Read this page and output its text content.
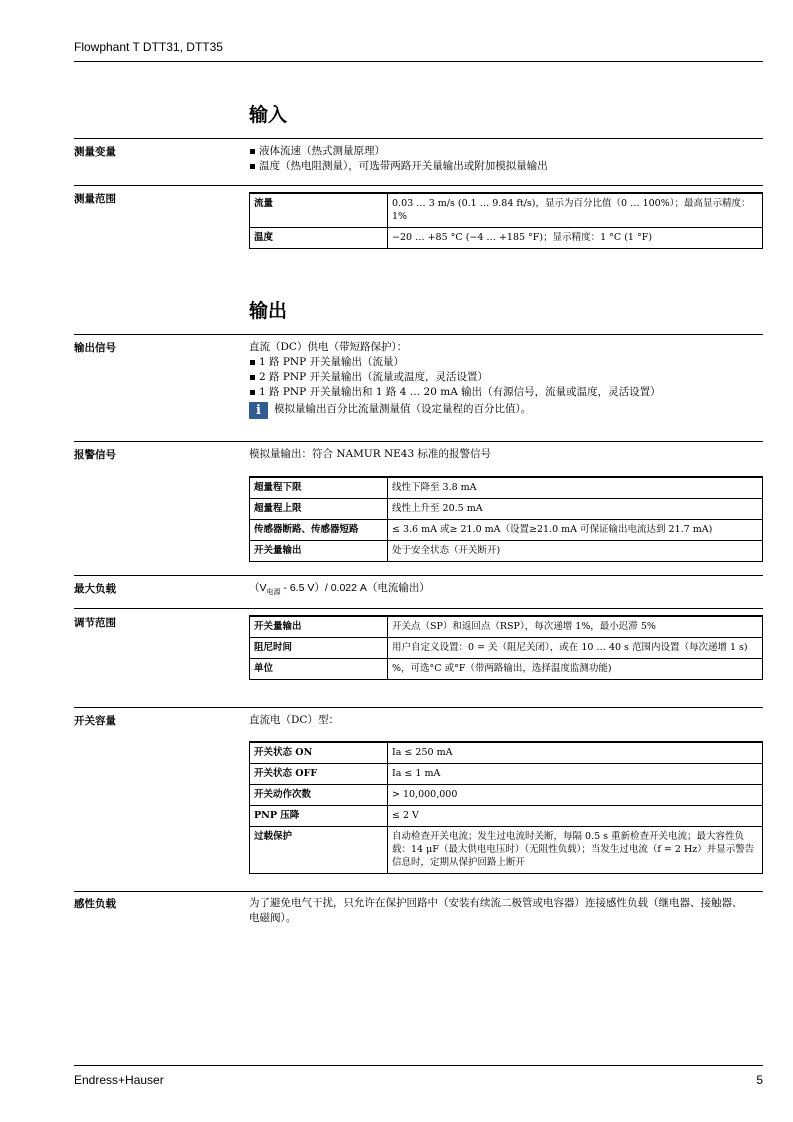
Flowphant T DTT31, DTT35
输入
测量变量	液体流速（热式测量原理）
温度（热电阻测量），可选带两路开关量输出或附加模拟量输出
测量范围	流量	0.03 … 3 m/s (0.1 … 9.84 ft/s)，显示为百分比值（0 … 100%）；最高显示精度：1%
温度	−20 … +85 °C (−4 … +185 °F)；显示精度：1 °C (1 °F)
输出
输出信号	直流（DC）供电（带短路保护）：
1 路 PNP 开关量输出（流量）
2 路 PNP 开关量输出（流量或温度，灵活设置）
1 路 PNP 开关量输出和 1 路 4 … 20 mA 输出（有源信号，流量或温度，灵活设置）
i	模拟量输出百分比流量测量值（设定量程的百分比值）。
报警信号	模拟量输出：符合 NAMUR NE43 标准的报警信号
超量程下限	线性下降至 3.8 mA
超量程上限	线性上升至 20.5 mA
传感器断路、传感器短路	≤ 3.6 mA 或≥ 21.0 mA（设置≥21.0 mA 可保证输出电流达到 21.7 mA)
开关量输出	处于安全状态（开关断开)
最大负载	（$V_{电源} - 6.5$ V）/ 0.022 A（电流输出）
调节范围	开关量输出	开关点（SP）和返回点（RSP），每次递增 1%，最小迟滞 5%
阻尼时间	用户自定义设置：0 = 关（阻尼关闭），或在 10 … 40 s 范围内设置（每次递增 1 s)
单位	%，可选°C 或°F（带两路输出，选择温度监测功能)
开关容量	直流电（DC）型：
开关状态 ON	Ia ≤ 250 mA
开关状态 OFF	Ia ≤ 1 mA
开关动作次数	> 10,000,000
PNP 压降	≤ 2 V
过载保护	自动检查开关电流；发生过电流时关断，每隔 0.5 s 重新检查开关电流；最大容性负载：14 μF（最大供电电压时）（无阻性负载）；当发生过电流（f = 2 Hz）并显示警告信息时，定期从保护回路上断开
感性负载	为了避免电气干扰，只允许在保护回路中（安装有续流二极管或电容器）连接感性负载（继电器、接触器、电磁阀）。
Endress+Hauser	5
